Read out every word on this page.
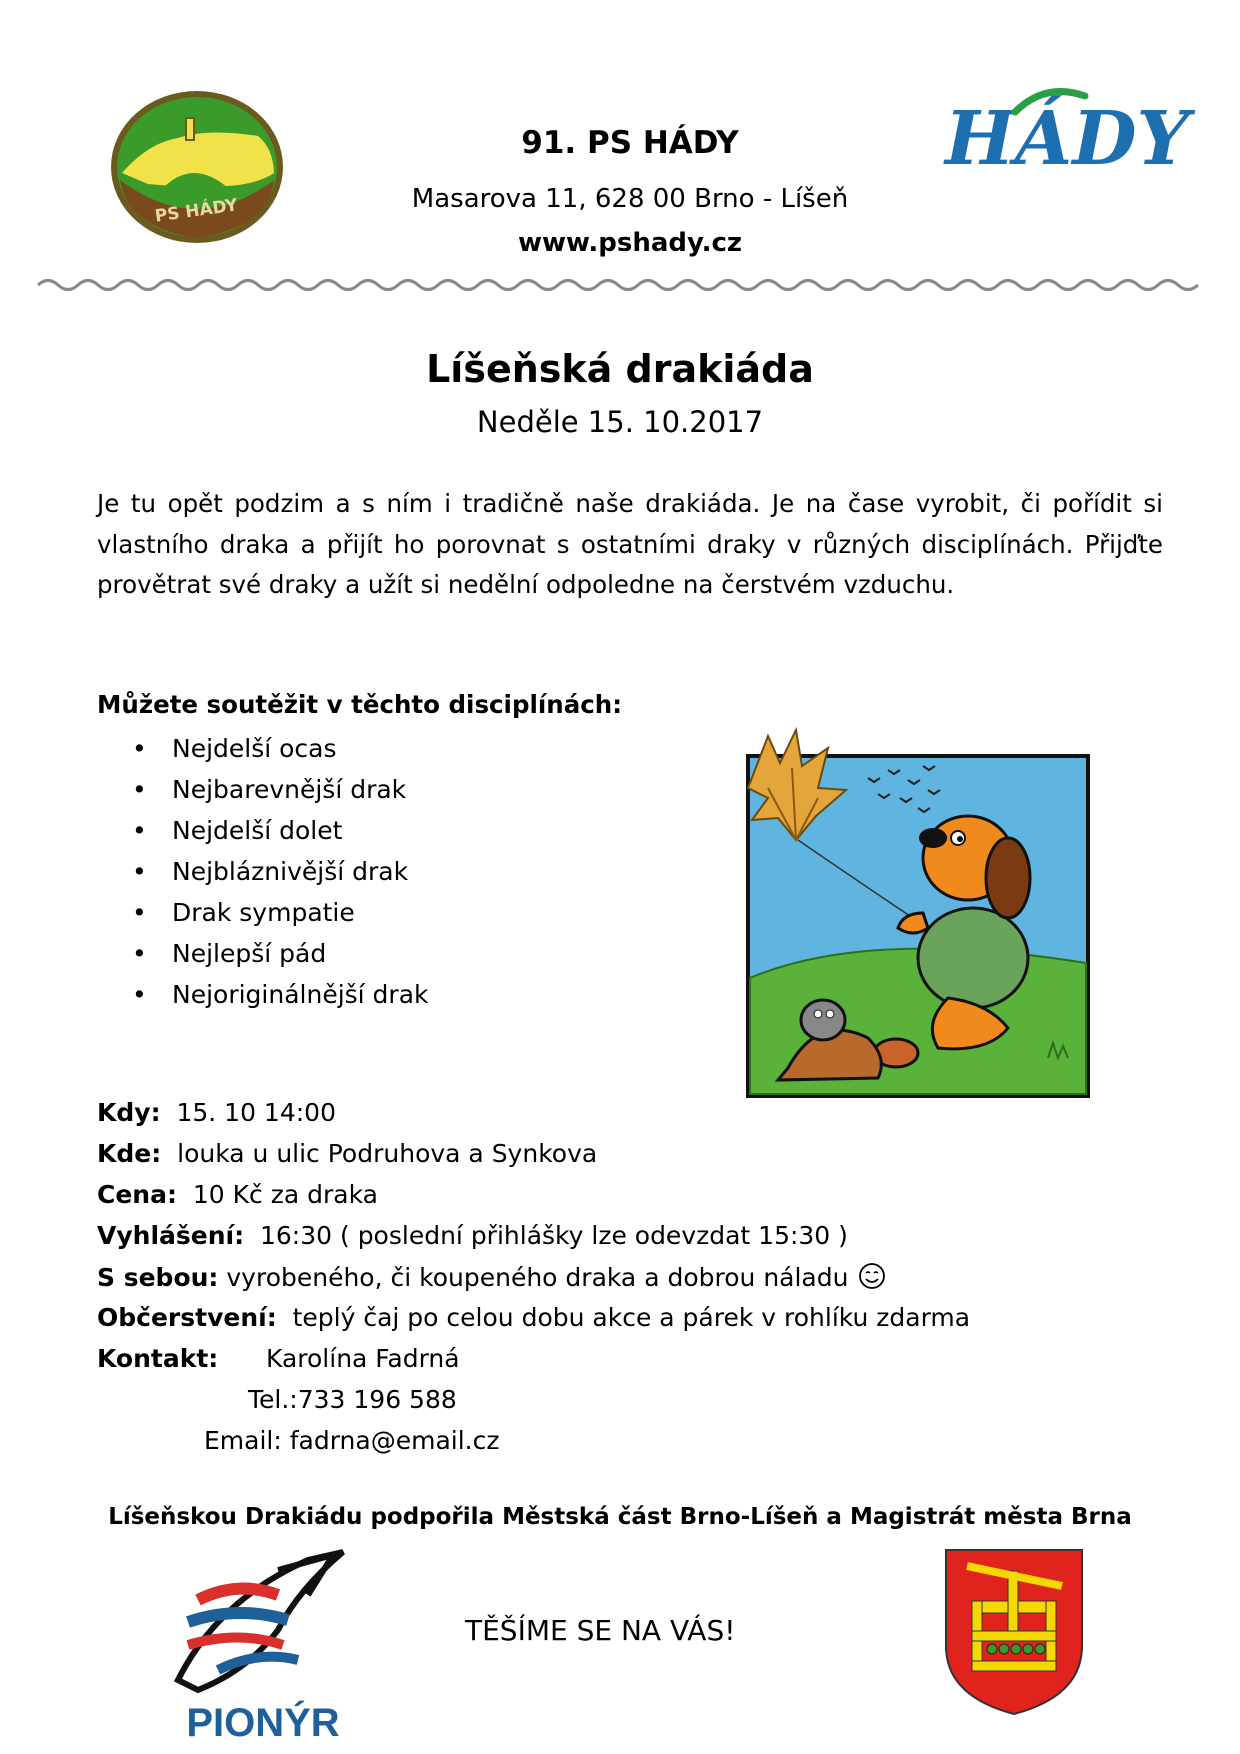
PS HÁDY
91. PS HÁDY
Masarova 11, 628 00 Brno - Líšeň
www.pshady.cz
HÁDY
Líšeňská drakiáda
Neděle 15. 10.2017
Je tu opět podzim a s ním i tradičně naše drakiáda. Je na čase vyrobit, či pořídit si vlastního draka a přijít ho porovnat s ostatními draky v různých disciplínách. Přijďte provětrat své draky a užít si nedělní odpoledne na čerstvém vzduchu.
Můžete soutěžit v těchto disciplínách:
• Nejdelší ocas
• Nejbarevnější drak
• Nejdelší dolet
• Nejbláznivější drak
• Drak sympatie
• Nejlepší pád
• Nejoriginálnější drak
Kdy: 15. 10 14:00
Kde: louka u ulic Podruhova a Synkova
Cena: 10 Kč za draka
Vyhlášení: 16:30 ( poslední přihlášky lze odevzdat 15:30 )
S sebou: vyrobeného, či koupeného draka a dobrou náladu
Občerstvení: teplý čaj po celou dobu akce a párek v rohlíku zdarma
Kontakt: Karolína Fadrná
Tel.:733 196 588
Email: fadrna@email.cz
Líšeňskou Drakiádu podpořila Městská část Brno-Líšeň a Magistrát města Brna
PIONÝR
TĚŠÍME SE NA VÁS!
